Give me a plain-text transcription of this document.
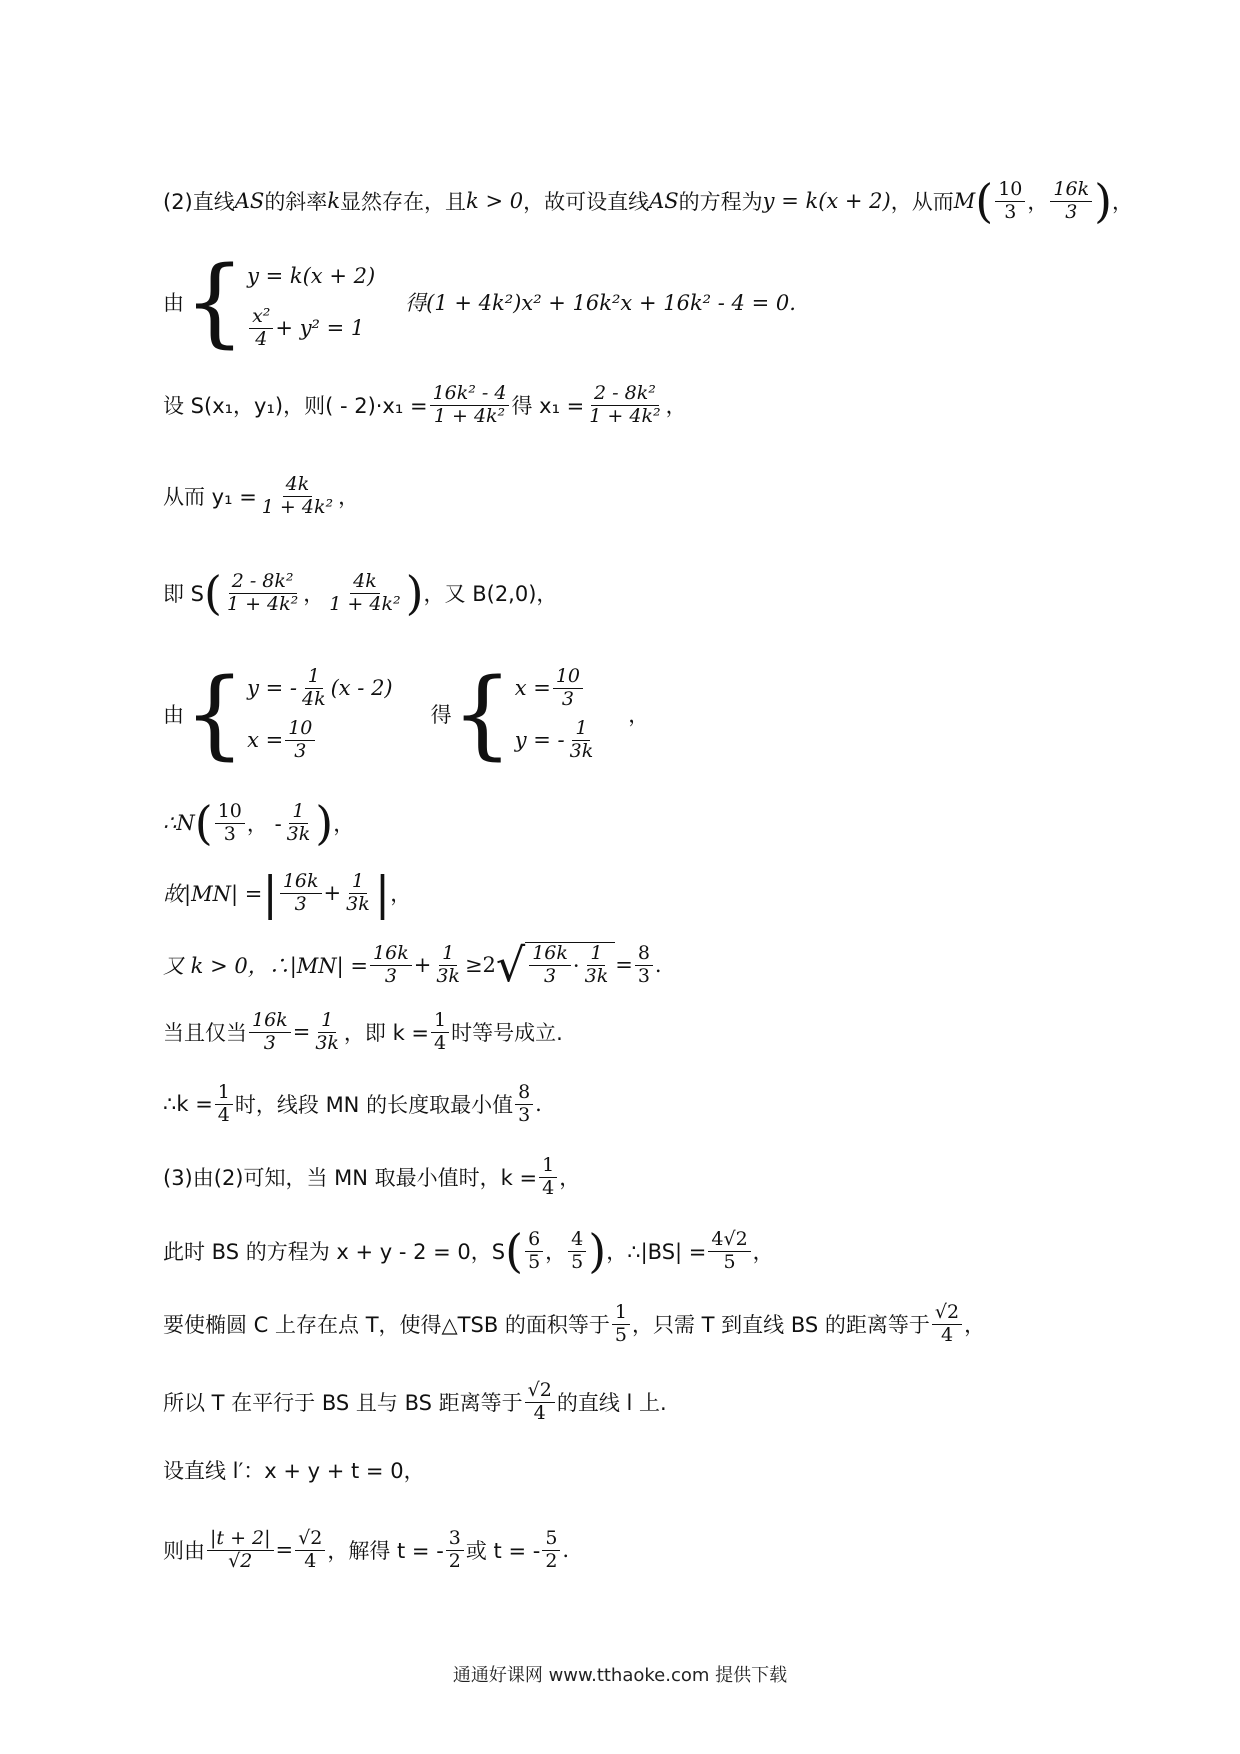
(2)直线 AS 的斜率 k 显然存在，且 k > 0 ，故可设直线 AS 的方程为 y = k(x + 2) ，从而 M ( $\frac{10}{3}$ ， $\frac{16k}{3}$ ) ，
由 { y = k(x + 2)
$\frac{\text{x²}}{4} + y^2 = 1$
得(1 + 4k²)x² + 16k²x + 16k² - 4 = 0.
设 S(x₁，y₁)，则( - $2)\cdot x_1 = \frac{\text{16k² - 4}}{\text{1 + 4k²}}$ 得 $x_1 = \frac{\text{2 - 8k²}}{\text{1 + 4k²}}$ ，
从而 $y_1 = \frac{4k}{\text{1 + 4k²}}$ ，
即 S ( $\frac{\text{2 - 8k²}}{\text{1 + 4k²}}$ ， $\frac{4k}{\text{1 + 4k²}}$ ) ，又 B(2,0)，
由 { y = - $\frac{1}{4k} (x - 2)$
$x = \frac{10}{3}$
得 { $x = \frac{10}{3}$
y = - $\frac{1}{3k}$
，
∴N ( $\frac{10}{3}$ ， - $\frac{1}{3k}$ ) ，
故|MN| = | $\frac{16k}{3} + \frac{1}{3k}$ | ，
又 k > 0，∴|MN| = $\frac{16k}{3} + \frac{1}{3k} \ge 2$ √ $\frac{16k}{3} \cdot \frac{1}{3k} = \frac{8}{3}$ .
当且仅当 $\frac{16k}{3} = \frac{1}{3k}$ ，即 $k = \frac{1}{4}$ 时等号成立.
∴k = $\frac{1}{4}$ 时，线段 MN 的长度取最小值 $\frac{8}{3}$ .
(3)由(2)可知，当 MN 取最小值时，$k = \frac{1}{4}$ ，
此时 BS 的方程为 x + y - 2 = 0，S ( $\frac{6}{5}$ ， $\frac{4}{5}$ ) ，∴|BS| = $\frac{4√2}{5}$ ，
要使椭圆 C 上存在点 T，使得△TSB 的面积等于 $\frac{1}{5}$ ，只需 T 到直线 BS 的距离等于 $\frac{√2}{4}$ ，
所以 T 在平行于 BS 且与 BS 距离等于 $\frac{√2}{4}$ 的直线 l 上.
设直线 l′：x + y + t = 0，
则由 $\frac{|t + 2|}{√2} = \frac{√2}{4}$ ，解得 t = - $\frac{3}{2}$ 或 t = - $\frac{5}{2}$ .
通通好课网 www.tthaoke.com 提供下载
